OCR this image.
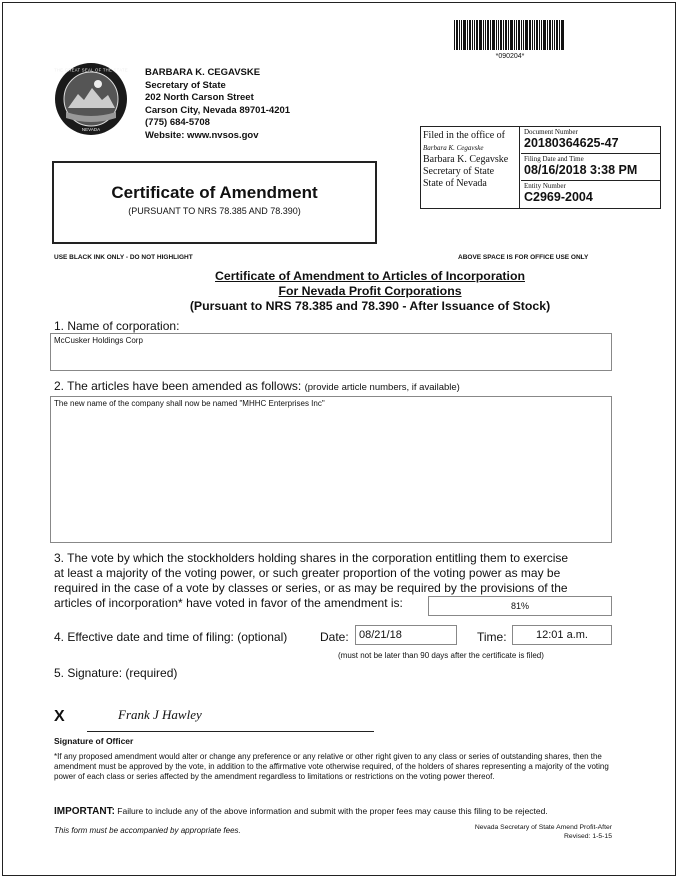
*090204*
THE GREAT SEAL OF THE STATE
NEVADA
BARBARA K. CEGAVSKE
Secretary of State
202 North Carson Street
Carson City, Nevada 89701-4201
(775) 684-5708
Website: www.nvsos.gov	Filed in the office of
Barbara K. Cegavske
Barbara K. Cegavske
Secretary of State
State of Nevada
Document Number
20180364625-47
Filing Date and Time
08/16/2018 3:38 PM
Entity Number
C2969-2004
Certificate of Amendment
(PURSUANT TO NRS 78.385 AND 78.390)
USE BLACK INK ONLY - DO NOT HIGHLIGHT	ABOVE SPACE IS FOR OFFICE USE ONLY
Certificate of Amendment to Articles of Incorporation
For Nevada Profit Corporations
(Pursuant to NRS 78.385 and 78.390 - After Issuance of Stock)
1. Name of corporation:
McCusker Holdings Corp
2. The articles have been amended as follows: (provide article numbers, if available)
The new name of the company shall now be named "MHHC Enterprises Inc"
3. The vote by which the stockholders holding shares in the corporation entitling them to exercise
at least a majority of the voting power, or such greater proportion of the voting power as may be
required in the case of a vote by classes or series, or as may be required by the provisions of the
articles of incorporation* have voted in favor of the amendment is:	81%
4. Effective date and time of filing: (optional)	Date: 08/21/18	Time:	12:01 a.m.
(must not be later than 90 days after the certificate is filed)
5. Signature: (required)
X	Frank J Hawley
Signature of Officer
*If any proposed amendment would alter or change any preference or any relative or other right given to any class or series of outstanding shares, then the amendment must be approved by the vote, in addition to the affirmative vote otherwise required, of the holders of shares representing a majority of the voting power of each class or series affected by the amendment regardless to limitations or restrictions on the voting power thereof.
IMPORTANT: Failure to include any of the above information and submit with the proper fees may cause this filing to be rejected.
This form must be accompanied by appropriate fees.	Nevada Secretary of State Amend Profit-After
Revised: 1-5-15
